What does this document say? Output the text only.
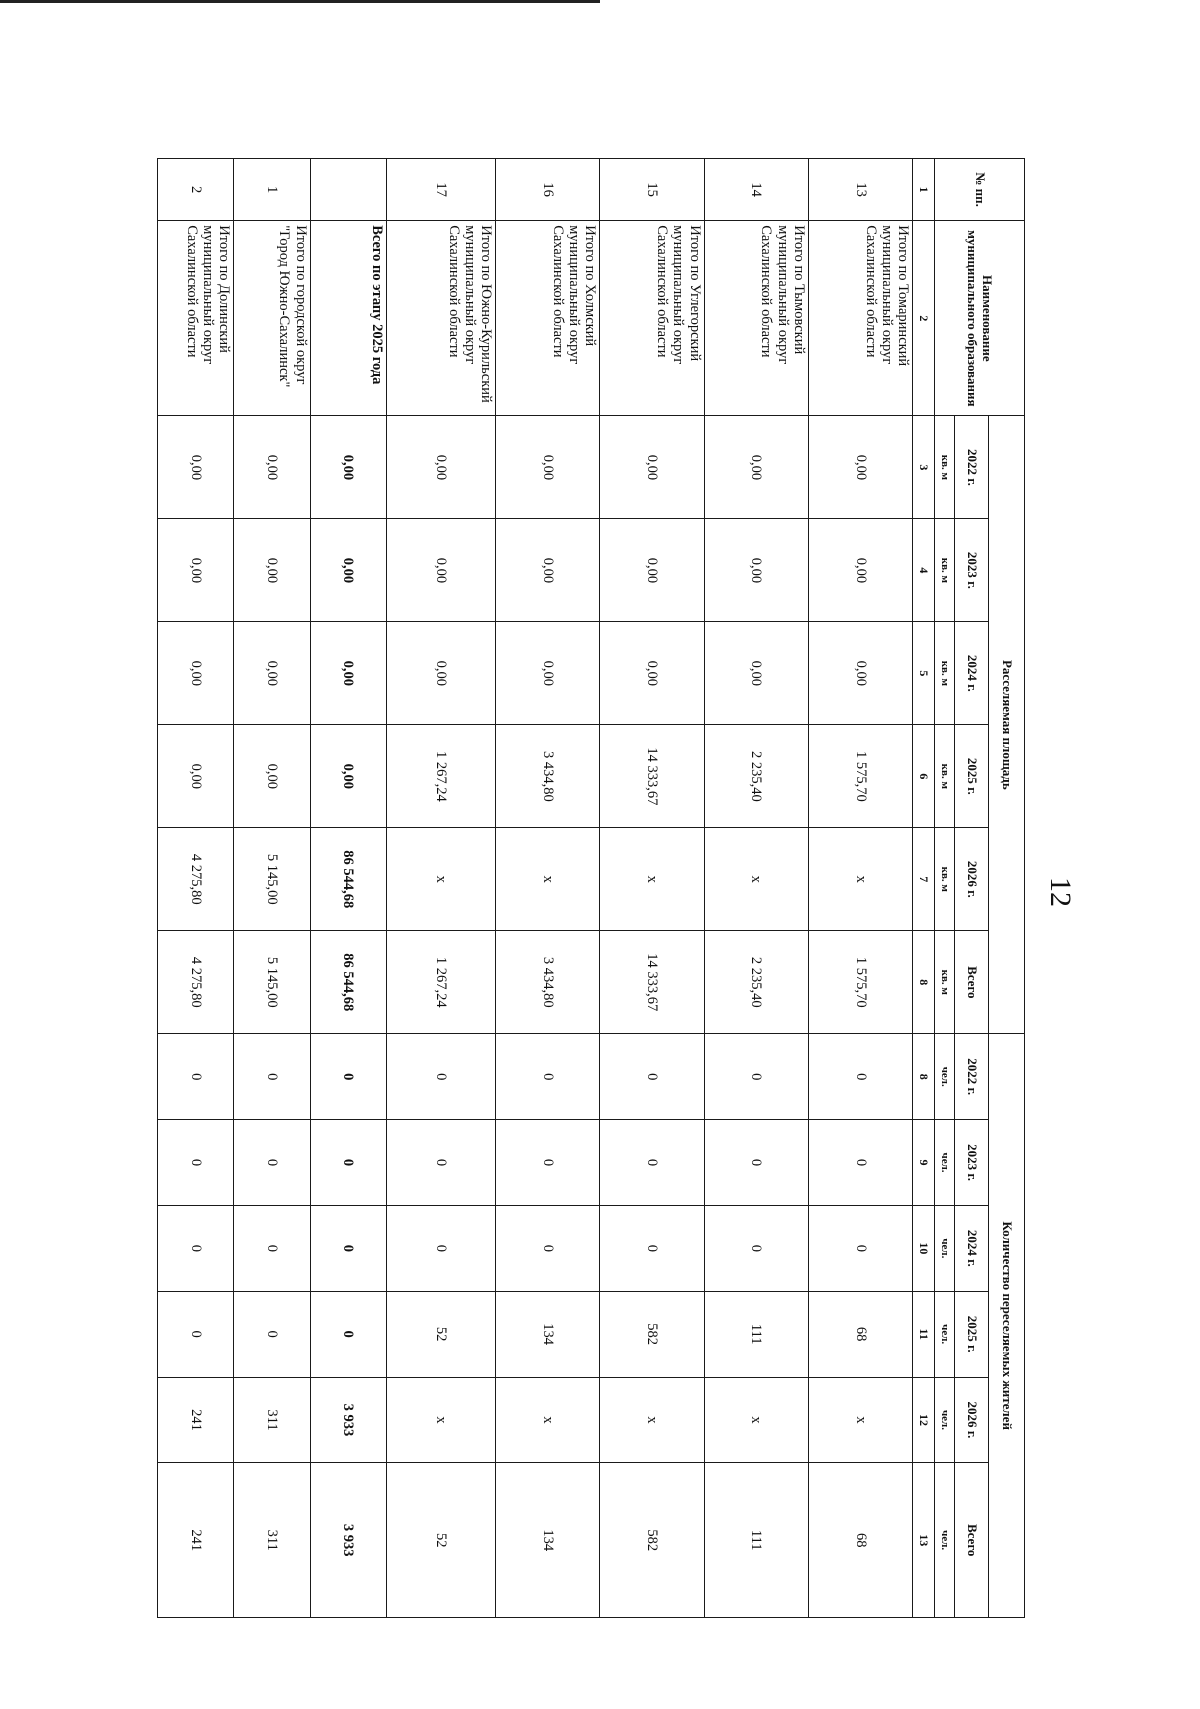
12
№ пп.	Наименование муниципального образования	Расселяемая площадь						Количество переселяемых жителей					
		2022 г.	2023 г.	2024 г.	2025 г.	2026 г.	Всего	2022 г.	2023 г.	2024 г.	2025 г.	2026 г.	Всего
		кв. м	кв. м	кв. м	кв. м	кв. м	кв. м	чел.	чел.	чел.	чел.	чел.	чел.
1	2	3	4	5	6	7	8	8	9	10	11	12	13
13	Итого по Томаринский муниципальный округ Сахалинской области	0,00	0,00	0,00	1 575,70	x	1 575,70	0	0	0	68	x	68
14	Итого по Тымовский муниципальный округ Сахалинской области	0,00	0,00	0,00	2 235,40	x	2 235,40	0	0	0	111	x	111
15	Итого по Углегорский муниципальный округ Сахалинской области	0,00	0,00	0,00	14 333,67	x	14 333,67	0	0	0	582	x	582
16	Итого по Холмский муниципальный округ Сахалинской области	0,00	0,00	0,00	3 434,80	x	3 434,80	0	0	0	134	x	134
17	Итого по Южно-Курильский муниципальный округ Сахалинской области	0,00	0,00	0,00	1 267,24	x	1 267,24	0	0	0	52	x	52
	Всего по этапу 2025 года	0,00	0,00	0,00	0,00	86 544,68	86 544,68	0	0	0	0	3 933	3 933
1	Итого по городской округ "Город Южно-Сахалинск"	0,00	0,00	0,00	0,00	5 145,00	5 145,00	0	0	0	0	311	311
2	Итого по Долинский муниципальный округ Сахалинской области	0,00	0,00	0,00	0,00	4 275,80	4 275,80	0	0	0	0	241	241
